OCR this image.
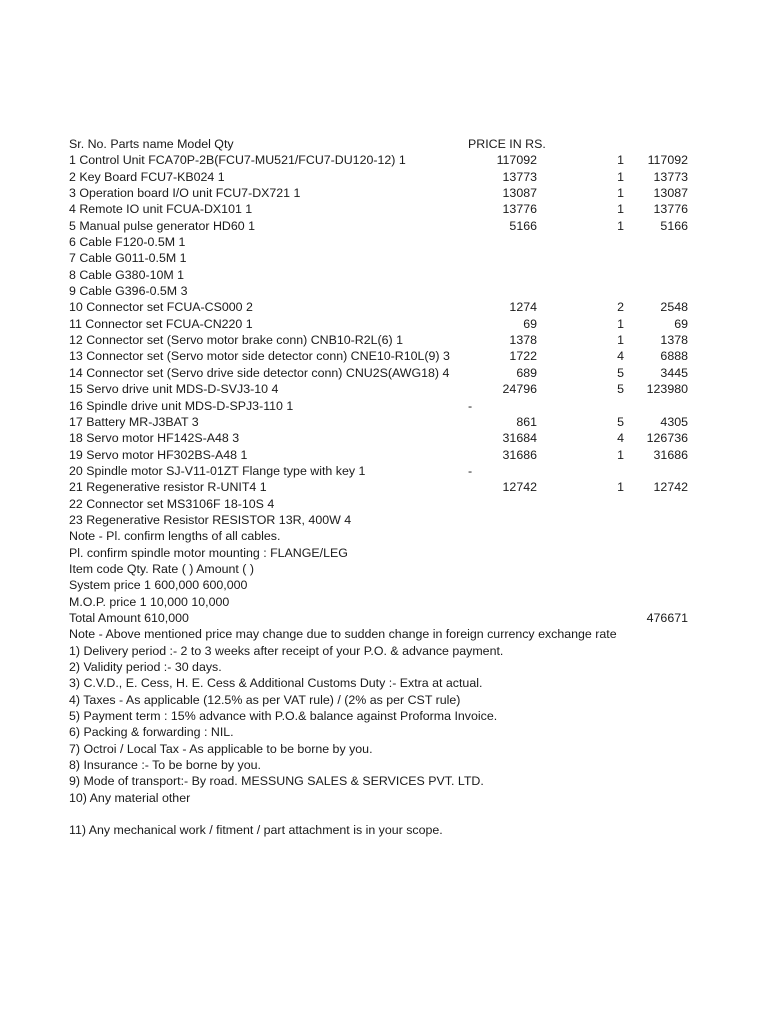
Sr. No. Parts name Model Qty	PRICE IN RS.
1 Control Unit FCA70P-2B(FCU7-MU521/FCU7-DU120-12) 1	117092	1 117092
2 Key Board FCU7-KB024 1	13773	1 13773
3 Operation board I/O unit FCU7-DX721 1	13087	1 13087
4 Remote IO unit FCUA-DX101 1	13776	1 13776
5 Manual pulse generator HD60 1	5166	1	5166
6 Cable F120-0.5M 1
7 Cable G011-0.5M 1
8 Cable G380-10M 1
9 Cable G396-0.5M 3
10 Connector set FCUA-CS000 2	1274	2	2548
11 Connector set FCUA-CN220 1	69	1	69
12 Connector set (Servo motor brake conn) CNB10-R2L(6) 1	1378	1	1378
13 Connector set (Servo motor side detector conn) CNE10-R10L(9) 3	1722	4	6888
14 Connector set (Servo drive side detector conn) CNU2S(AWG18) 4	689	5	3445
15 Servo drive unit MDS-D-SVJ3-10 4	24796	5 123980
16 Spindle drive unit MDS-D-SPJ3-110 1	-
17 Battery MR-J3BAT 3	861	5	4305
18 Servo motor HF142S-A48 3	31684	4 126736
19 Servo motor HF302BS-A48 1	31686	1 31686
20 Spindle motor SJ-V11-01ZT Flange type with key 1	-
21 Regenerative resistor R-UNIT4 1	12742	1 12742
22 Connector set MS3106F 18-10S 4
23 Regenerative Resistor RESISTOR 13R, 400W 4
Note - Pl. confirm lengths of all cables.
Pl. confirm spindle motor mounting : FLANGE/LEG
Item code Qty. Rate ( ) Amount ( )
System price 1 600,000 600,000
M.O.P. price 1 10,000 10,000
Total Amount 610,000	476671
Note - Above mentioned price may change due to sudden change in foreign currency exchange rate
1) Delivery period :- 2 to 3 weeks after receipt of your P.O. & advance payment.
2) Validity period :- 30 days.
3) C.V.D., E. Cess, H. E. Cess & Additional Customs Duty :- Extra at actual.
4) Taxes - As applicable (12.5% as per VAT rule) / (2% as per CST rule)
5) Payment term : 15% advance with P.O.& balance against Proforma Invoice.
6) Packing & forwarding : NIL.
7) Octroi / Local Tax - As applicable to be borne by you.
8) Insurance :- To be borne by you.
9) Mode of transport:- By road. MESSUNG SALES & SERVICES PVT. LTD.
10) Any material other
11) Any mechanical work / fitment / part attachment is in your scope.
